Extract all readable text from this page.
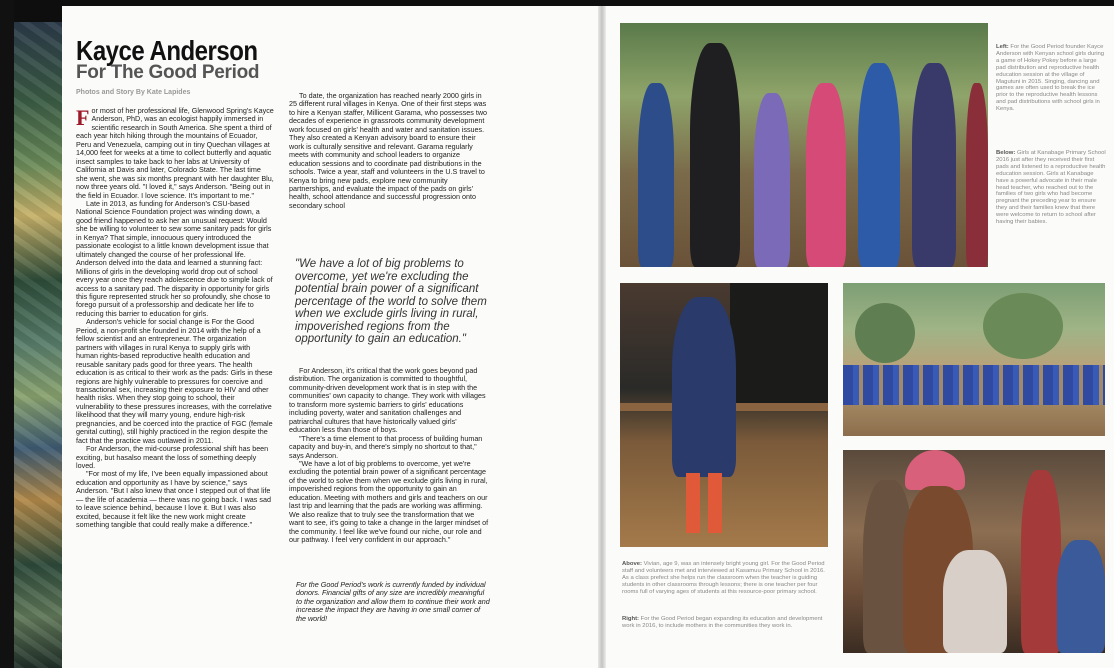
Kayce Anderson
For The Good Period
Photos and Story By Kate Lapides

For most of her professional life, Glenwood Spring's Kayce Anderson, PhD, was an ecologist happily immersed in scientific research in South America. She spent a third of each year hitch hiking through the mountains of Ecuador, Peru and Venezuela, camping out in tiny Quechan villages at 14,000 feet for weeks at a time to collect butterfly and aquatic insect samples to take back to her labs at University of California at Davis and later, Colorado State. The last time she went, she was six months pregnant with her daughter Blu, now three years old. "I loved it," says Anderson. "Being out in the field in Ecuador. I love science. It's important to me."

Late in 2013, as funding for Anderson's CSU-based National Science Foundation project was winding down, a good friend happened to ask her an unusual request: Would she be willing to volunteer to sew some sanitary pads for girls in Kenya? That simple, innocuous query introduced the passionate ecologist to a little known development issue that ultimately changed the course of her professional life. Anderson delved into the data and learned a stunning fact: Millions of girls in the developing world drop out of school every year once they reach adolescence due to simple lack of access to a sanitary pad. The disparity in opportunity for girls this figure represented struck her so profoundly, she chose to forego pursuit of a professorship and dedicate her life to reducing this barrier to education for girls.

Anderson's vehicle for social change is For the Good Period, a non-profit she founded in 2014 with the help of a fellow scientist and an entrepreneur. The organization partners with villages in rural Kenya to supply girls with human rights-based reproductive health education and reusable sanitary pads good for three years. The health education is as critical to their work as the pads: Girls in these regions are highly vulnerable to pressures for coercive and transactional sex, increasing their exposure to HIV and other health risks. When they stop going to school, their vulnerability to these pressures increases, with the correlative likelihood that they will marry young, endure high-risk pregnancies, and be coerced into the practice of FGC (female genital cutting), still highly practiced in the region despite the fact that the practice was outlawed in 2011.

For Anderson, the mid-course professional shift has been exciting, but hasalso meant the loss of something deeply loved.

"For most of my life, I've been equally impassioned about education and opportunity as I have by science," says Anderson. "But I also knew that once I stepped out of that life — the life of academia — there was no going back. I was sad to leave science behind, because I love it. But I was also excited, because it felt like the new work might create something tangible that could really make a difference."

To date, the organization has reached nearly 2000 girls in 25 different rural villages in Kenya. One of their first steps was to hire a Kenyan staffer, Millicent Garama, who possesses two decades of experience in grassroots community development work focused on girls' health and water and sanitation issues. They also created a Kenyan advisory board to ensure their work is culturally sensitive and relevant. Garama regularly meets with community and school leaders to organize education sessions and to coordinate pad distributions in the schools. Twice a year, staff and volunteers in the U.S travel to Kenya to bring new pads, explore new community partnerships, and evaluate the impact of the pads on girls' health, school attendance and successful progression onto secondary school

"We have a lot of big problems to overcome, yet we're excluding the potential brain power of a significant percentage of the world to solve them when we exclude girls living in rural, impoverished regions from the opportunity to gain an education."

For Anderson, it's critical that the work goes beyond pad distribution. The organization is committed to thoughtful, community-driven development work that is in step with the communities' own capacity to change. They work with villages to transform more systemic barriers to girls' educations including poverty, water and sanitation challenges and patriarchal cultures that have historically valued girls' education less than those of boys.

"There's a time element to that process of building human capacity and buy-in, and there's simply no shortcut to that," says Anderson.

"We have a lot of big problems to overcome, yet we're excluding the potential brain power of a significant percentage of the world to solve them when we exclude girls living in rural, impoverished regions from the opportunity to gain an education. Meeting with mothers and girls and teachers on our last trip and learning that the pads are working was affirming. We also realize that to truly see the transformation that we want to see, it's going to take a change in the larger mindset of the community. I feel like we've found our niche, our role and our pathway. I feel very confident in our approach."

For the Good Period's work is currently funded by individual donors. Financial gifts of any size are incredibly meaningful to the organization and allow them to continue their work and increase the impact they are having in one small corner of the world!
Left: For the Good Period founder Kayce Anderson with Kenyan school girls during a game of Hokey Pokey before a large pad distribution and reproductive health education session at the village of Magutuni in 2015. Singing, dancing and games are often used to break the ice prior to the reproductive health lessons and pad distributions with school girls in Kenya.
Below: Girls at Kanabage Primary School 2016 just after they received their first pads and listened to a reproductive health education session. Girls at Kanabage have a powerful advocate in their male head teacher, who reached out to the families of two girls who had become pregnant the preceding year to ensure they and their families knew that there were welcome to return to school after having their babies.
Above: Vivian, age 9, was an intensely bright young girl. For the Good Period staff and volunteers met and interviewed at Kasamuu Primary School in 2016. As a class prefect she helps run the classroom when the teacher is guiding students in other classrooms through lessons; there is one teacher per four rooms full of varying ages of students at this resource-poor primary school.
Right: For the Good Period began expanding its education and development work in 2016, to include mothers in the communities they work in.
